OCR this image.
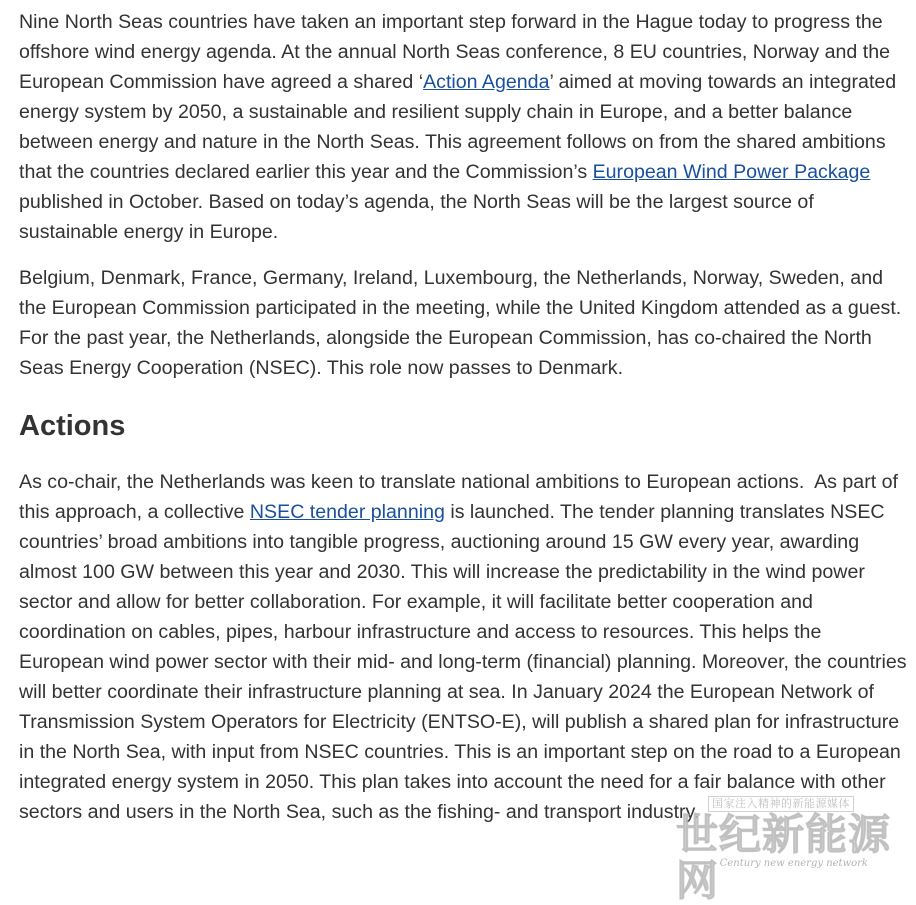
Nine North Seas countries have taken an important step forward in the Hague today to progress the offshore wind energy agenda. At the annual North Seas conference, 8 EU countries, Norway and the European Commission have agreed a shared ‘Action Agenda’ aimed at moving towards an integrated energy system by 2050, a sustainable and resilient supply chain in Europe, and a better balance between energy and nature in the North Seas. This agreement follows on from the shared ambitions that the countries declared earlier this year and the Commission’s European Wind Power Package published in October. Based on today’s agenda, the North Seas will be the largest source of sustainable energy in Europe.

Belgium, Denmark, France, Germany, Ireland, Luxembourg, the Netherlands, Norway, Sweden, and the European Commission participated in the meeting, while the United Kingdom attended as a guest. For the past year, the Netherlands, alongside the European Commission, has co-chaired the North Seas Energy Cooperation (NSEC). This role now passes to Denmark.

Actions

As co-chair, the Netherlands was keen to translate national ambitions to European actions.  As part of this approach, a collective NSEC tender planning is launched. The tender planning translates NSEC countries’ broad ambitions into tangible progress, auctioning around 15 GW every year, awarding almost 100 GW between this year and 2030. This will increase the predictability in the wind power sector and allow for better collaboration. For example, it will facilitate better cooperation and coordination on cables, pipes, harbour infrastructure and access to resources. This helps the European wind power sector with their mid- and long-term (financial) planning. Moreover, the countries will better coordinate their infrastructure planning at sea. In January 2024 the European Network of Transmission System Operators for Electricity (ENTSO-E), will publish a shared plan for infrastructure in the North Sea, with input from NSEC countries. This is an important step on the road to a European integrated energy system in 2050. This plan takes into account the need for a fair balance with other sectors and users in the North Sea, such as the fishing- and transport industry.	国家注入精神的新能源媒体
世纪新能源网 Century new energy network
